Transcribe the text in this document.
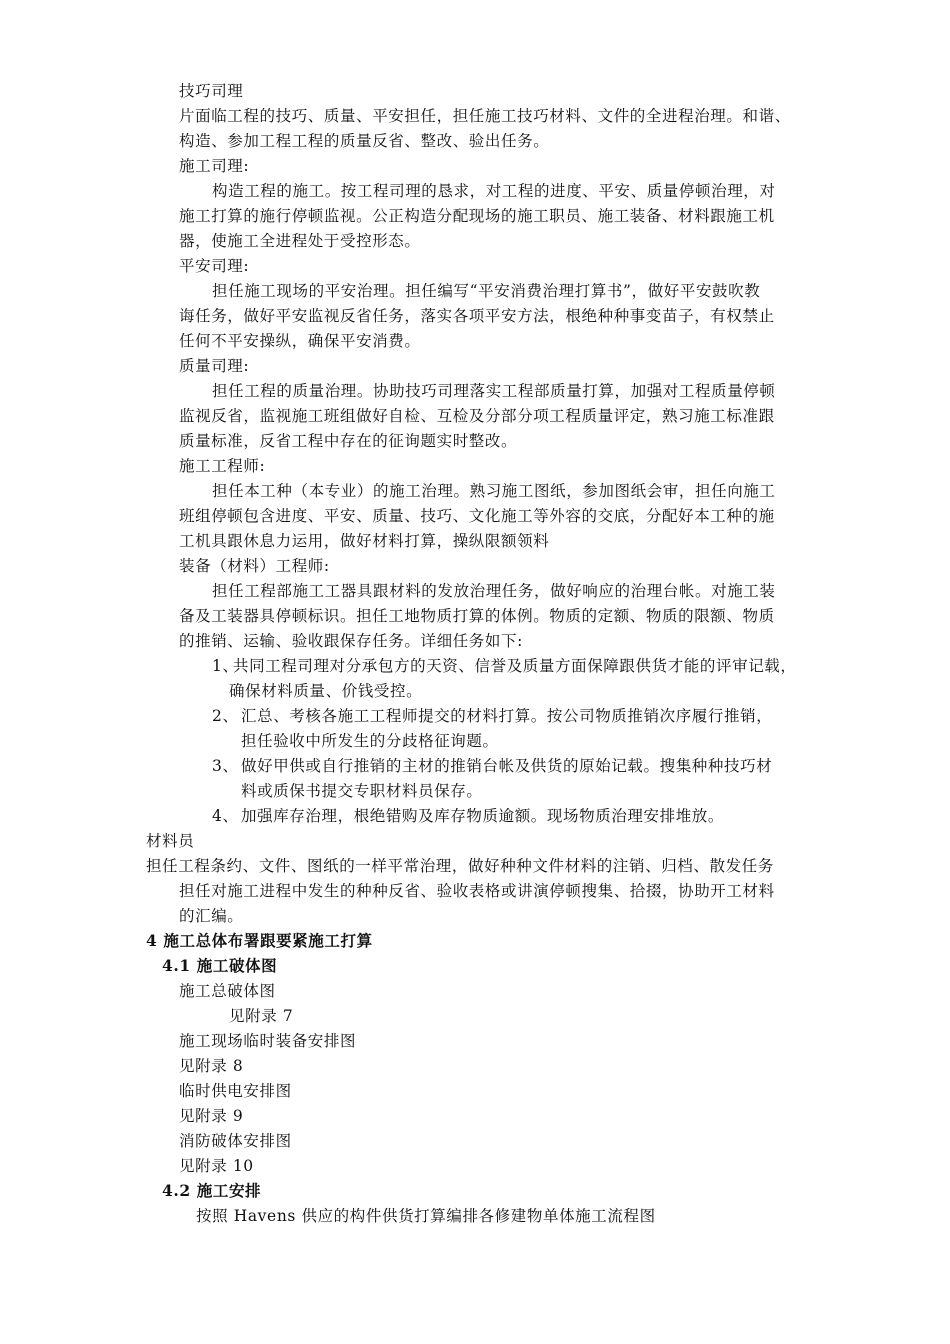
技巧司理
片面临工程的技巧、质量、平安担任，担任施工技巧材料、文件的全进程治理。和谐、
构造、参加工程工程的质量反省、整改、验出任务。
施工司理:
构造工程的施工。按工程司理的恳求，对工程的进度、平安、质量停顿治理，对
施工打算的施行停顿监视。公正构造分配现场的施工职员、施工装备、材料跟施工机
器，使施工全进程处于受控形态。
平安司理:
担任施工现场的平安治理。担任编写“平安消费治理打算书”，做好平安鼓吹教
诲任务，做好平安监视反省任务，落实各项平安方法，根绝种种事变苗子，有权禁止
任何不平安操纵，确保平安消费。
质量司理:
担任工程的质量治理。协助技巧司理落实工程部质量打算，加强对工程质量停顿
监视反省，监视施工班组做好自检、互检及分部分项工程质量评定，熟习施工标准跟
质量标准，反省工程中存在的征询题实时整改。
施工工程师:
担任本工种（本专业）的施工治理。熟习施工图纸，参加图纸会审，担任向施工
班组停顿包含进度、平安、质量、技巧、文化施工等外容的交底，分配好本工种的施
工机具跟休息力运用，做好材料打算，操纵限额领料
装备（材料）工程师:
担任工程部施工工器具跟材料的发放治理任务，做好响应的治理台帐。对施工装
备及工装器具停顿标识。担任工地物质打算的体例。物质的定额、物质的限额、物质
的推销、运输、验收跟保存任务。详细任务如下:
1、
共同工程司理对分承包方的天资、信誉及质量方面保障跟供货才能的评审记载，
确保材料质量、价钱受控。
2、 汇总、考核各施工工程师提交的材料打算。按公司物质推销次序履行推销，
担任验收中所发生的分歧格征询题。
3、 做好甲供或自行推销的主材的推销台帐及供货的原始记载。搜集种种技巧材
料或质保书提交专职材料员保存。
4、 加强库存治理，根绝错购及库存物质逾额。现场物质治理安排堆放。
材料员
担任工程条约、文件、图纸的一样平常治理，做好种种文件材料的注销、归档、散发任务
担任对施工进程中发生的种种反省、验收表格或讲演停顿搜集、拾掇，协助开工材料
的汇编。
4 施工总体布署跟要紧施工打算
4.1 施工破体图
施工总破体图
见附录 7
施工现场临时装备安排图
见附录 8
临时供电安排图
见附录 9
消防破体安排图
见附录 10
4.2 施工安排
按照 Havens 供应的构件供货打算编排各修建物单体施工流程图
